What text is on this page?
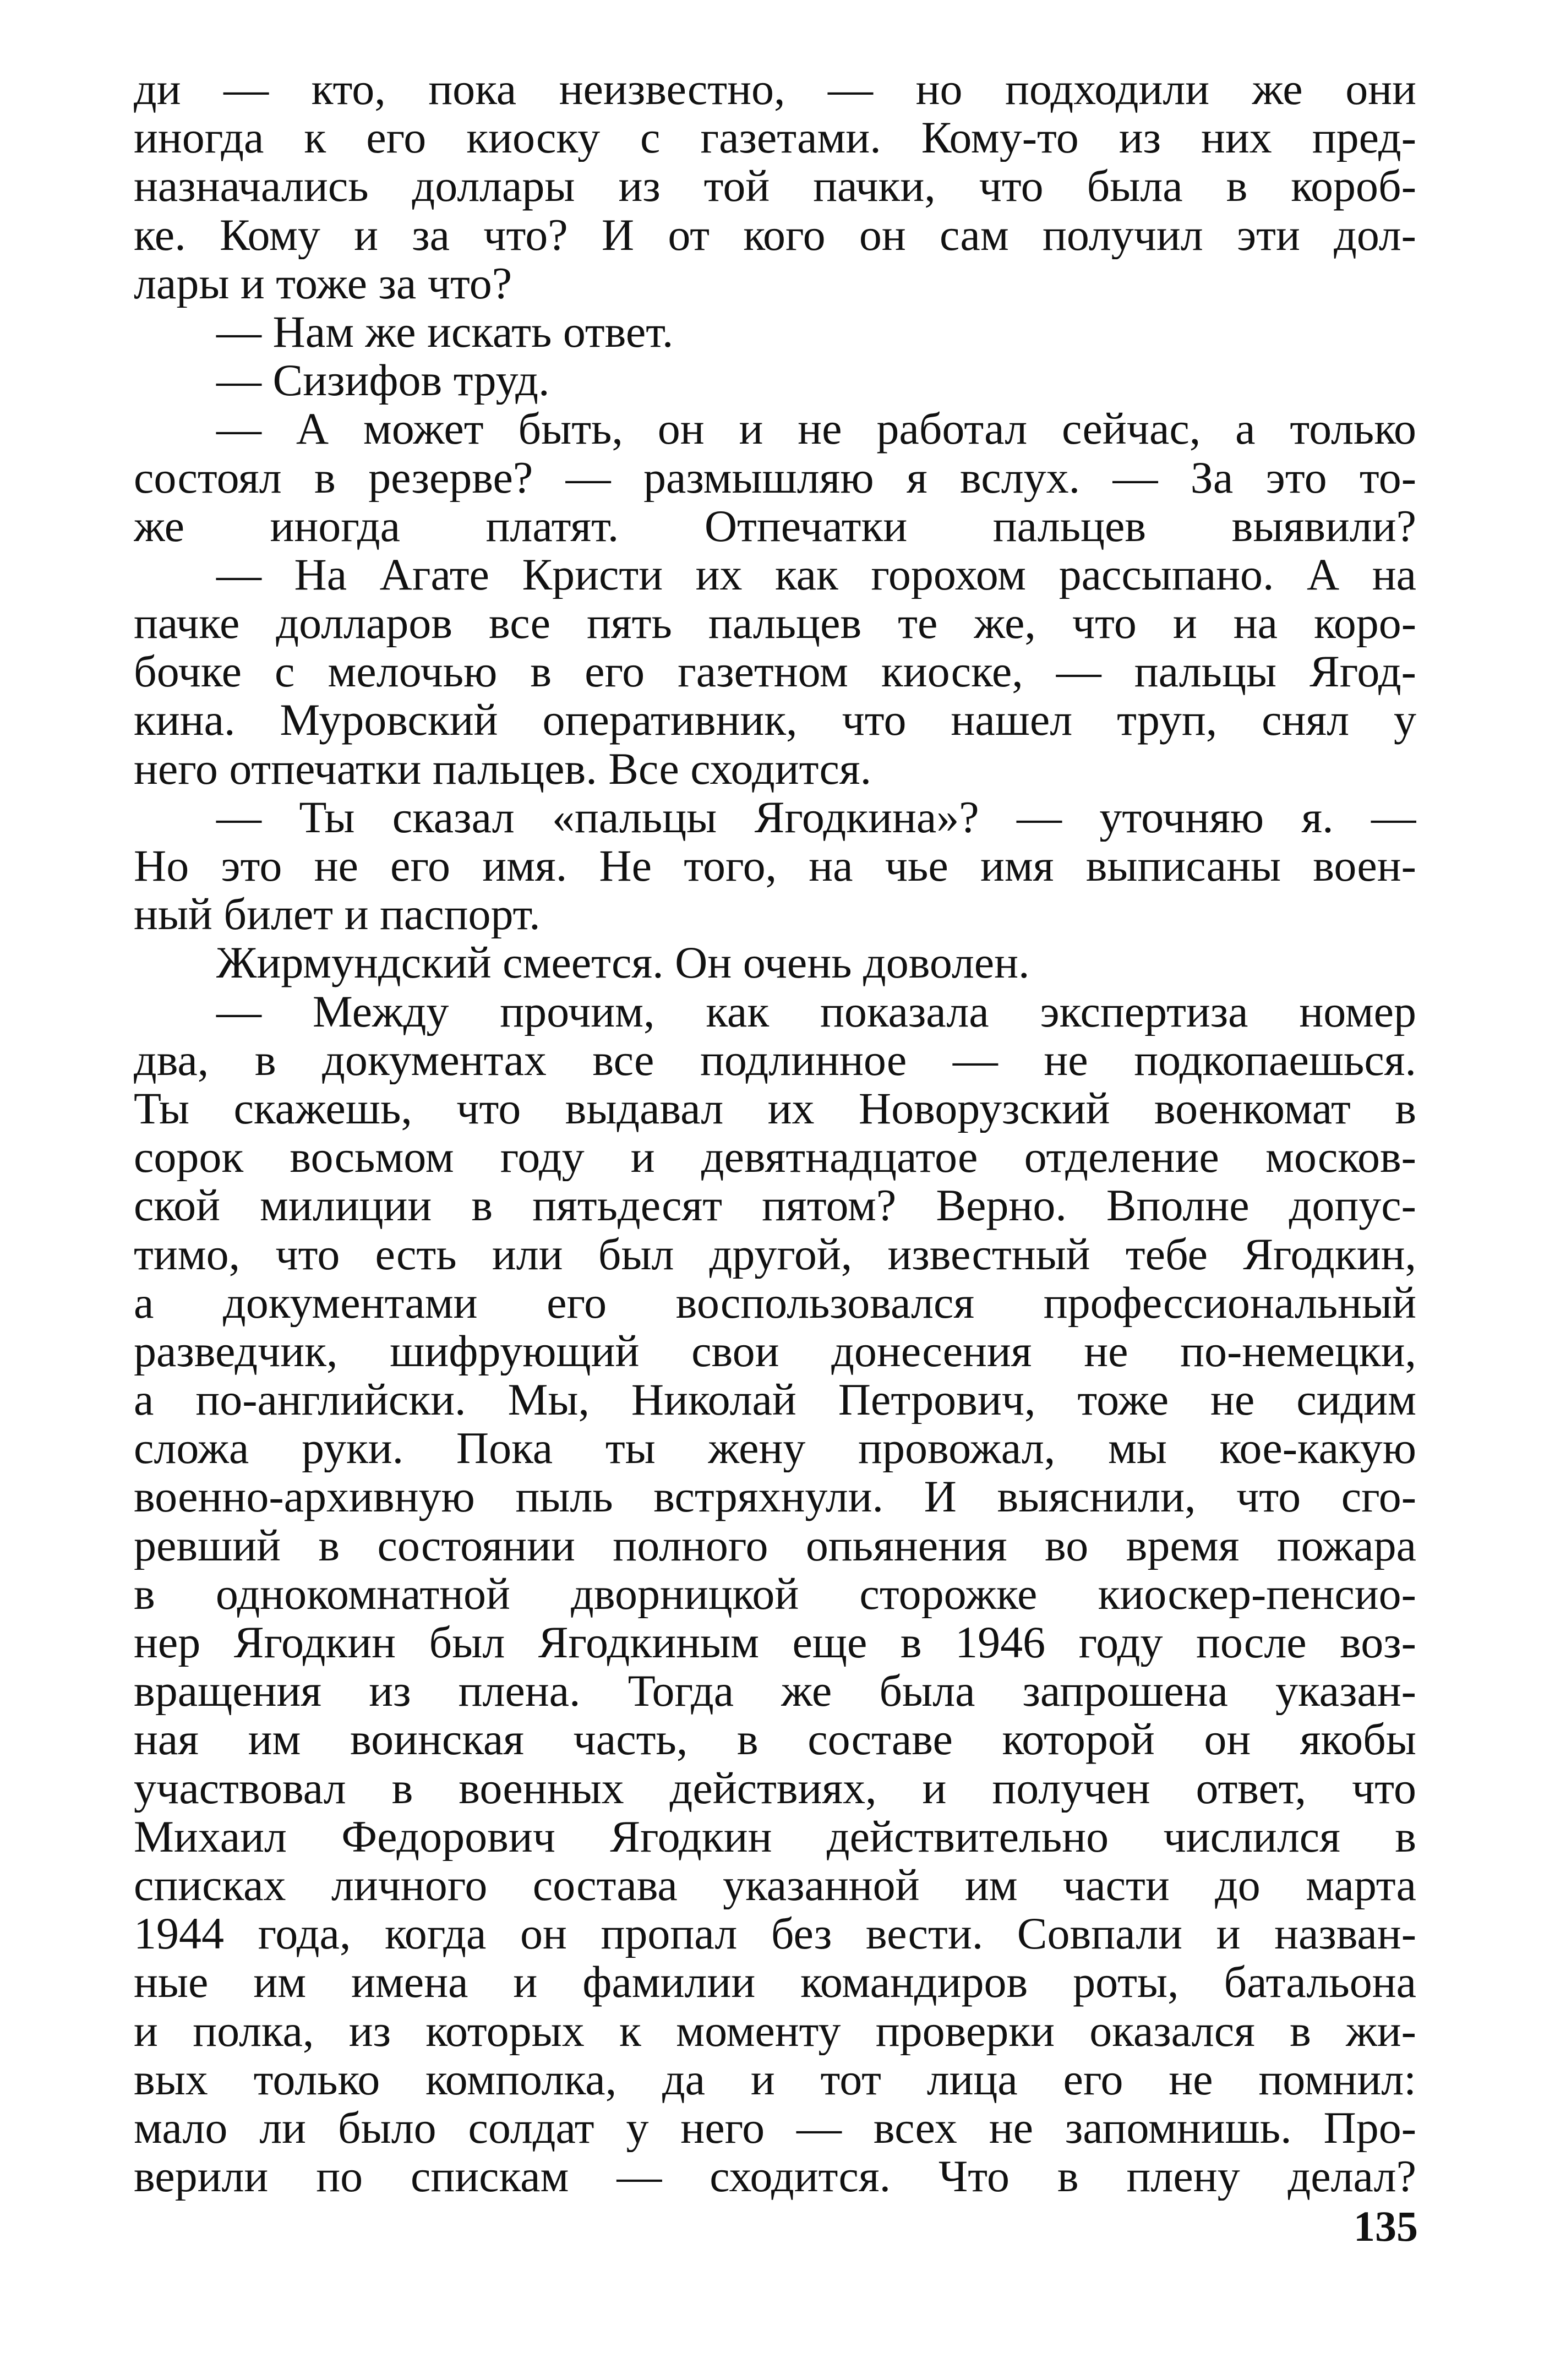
ди — кто, пока неизвестно, — но подходили же они
иногда к его киоску с газетами. Кому-то из них пред-
назначались доллары из той пачки, что была в короб-
ке. Кому и за что? И от кого он сам получил эти дол-
лары и тоже за что?
— Нам же искать ответ.
— Сизифов труд.
— А может быть, он и не работал сейчас, а только
состоял в резерве? — размышляю я вслух. — За это то-
же иногда платят. Отпечатки пальцев выявили?
— На Агате Кристи их как горохом рассыпано. А на
пачке долларов все пять пальцев те же, что и на коро-
бочке с мелочью в его газетном киоске, — пальцы Ягод-
кина. Муровский оперативник, что нашел труп, снял у
него отпечатки пальцев. Все сходится.
— Ты сказал «пальцы Ягодкина»? — уточняю я. —
Но это не его имя. Не того, на чье имя выписаны воен-
ный билет и паспорт.
Жирмундский смеется. Он очень доволен.
— Между прочим, как показала экспертиза номер
два, в документах все подлинное — не подкопаешься.
Ты скажешь, что выдавал их Новорузский военкомат в
сорок восьмом году и девятнадцатое отделение москов-
ской милиции в пятьдесят пятом? Верно. Вполне допус-
тимо, что есть или был другой, известный тебе Ягодкин,
а документами его воспользовался профессиональный
разведчик, шифрующий свои донесения не по-немецки,
а по-английски. Мы, Николай Петрович, тоже не сидим
сложа руки. Пока ты жену провожал, мы кое-какую
военно-архивную пыль встряхнули. И выяснили, что сго-
ревший в состоянии полного опьянения во время пожара
в однокомнатной дворницкой сторожке киоскер-пенсио-
нер Ягодкин был Ягодкиным еще в 1946 году после воз-
вращения из плена. Тогда же была запрошена указан-
ная им воинская часть, в составе которой он якобы
участвовал в военных действиях, и получен ответ, что
Михаил Федорович Ягодкин действительно числился в
списках личного состава указанной им части до марта
1944 года, когда он пропал без вести. Совпали и назван-
ные им имена и фамилии командиров роты, батальона
и полка, из которых к моменту проверки оказался в жи-
вых только комполка, да и тот лица его не помнил:
мало ли было солдат у него — всех не запомнишь. Про-
верили по спискам — сходится. Что в плену делал?
135
